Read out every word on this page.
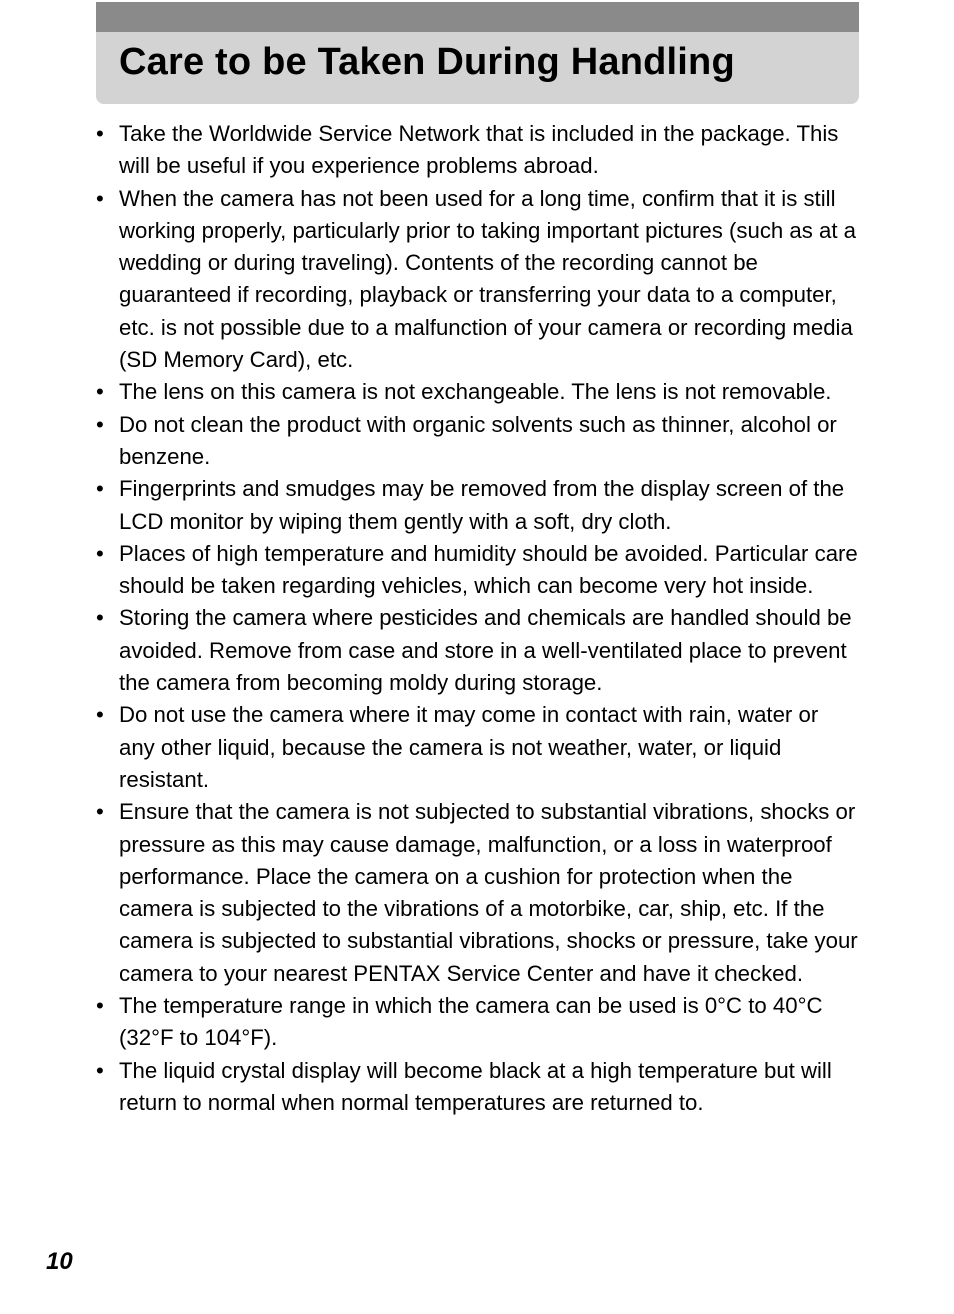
Care to be Taken During Handling
• Take the Worldwide Service Network that is included in the package. This will be useful if you experience problems abroad.
• When the camera has not been used for a long time, confirm that it is still working properly, particularly prior to taking important pictures (such as at a wedding or during traveling). Contents of the recording cannot be guaranteed if recording, playback or transferring your data to a computer, etc. is not possible due to a malfunction of your camera or recording media (SD Memory Card), etc.
• The lens on this camera is not exchangeable. The lens is not removable.
• Do not clean the product with organic solvents such as thinner, alcohol or benzene.
• Fingerprints and smudges may be removed from the display screen of the LCD monitor by wiping them gently with a soft, dry cloth.
• Places of high temperature and humidity should be avoided. Particular care should be taken regarding vehicles, which can become very hot inside.
• Storing the camera where pesticides and chemicals are handled should be avoided. Remove from case and store in a well-ventilated place to prevent the camera from becoming moldy during storage.
• Do not use the camera where it may come in contact with rain, water or any other liquid, because the camera is not weather, water, or liquid resistant.
• Ensure that the camera is not subjected to substantial vibrations, shocks or pressure as this may cause damage, malfunction, or a loss in waterproof performance. Place the camera on a cushion for protection when the camera is subjected to the vibrations of a motorbike, car, ship, etc. If the camera is subjected to substantial vibrations, shocks or pressure, take your camera to your nearest PENTAX Service Center and have it checked.
• The temperature range in which the camera can be used is 0°C to 40°C (32°F to 104°F).
• The liquid crystal display will become black at a high temperature but will return to normal when normal temperatures are returned to.
10
